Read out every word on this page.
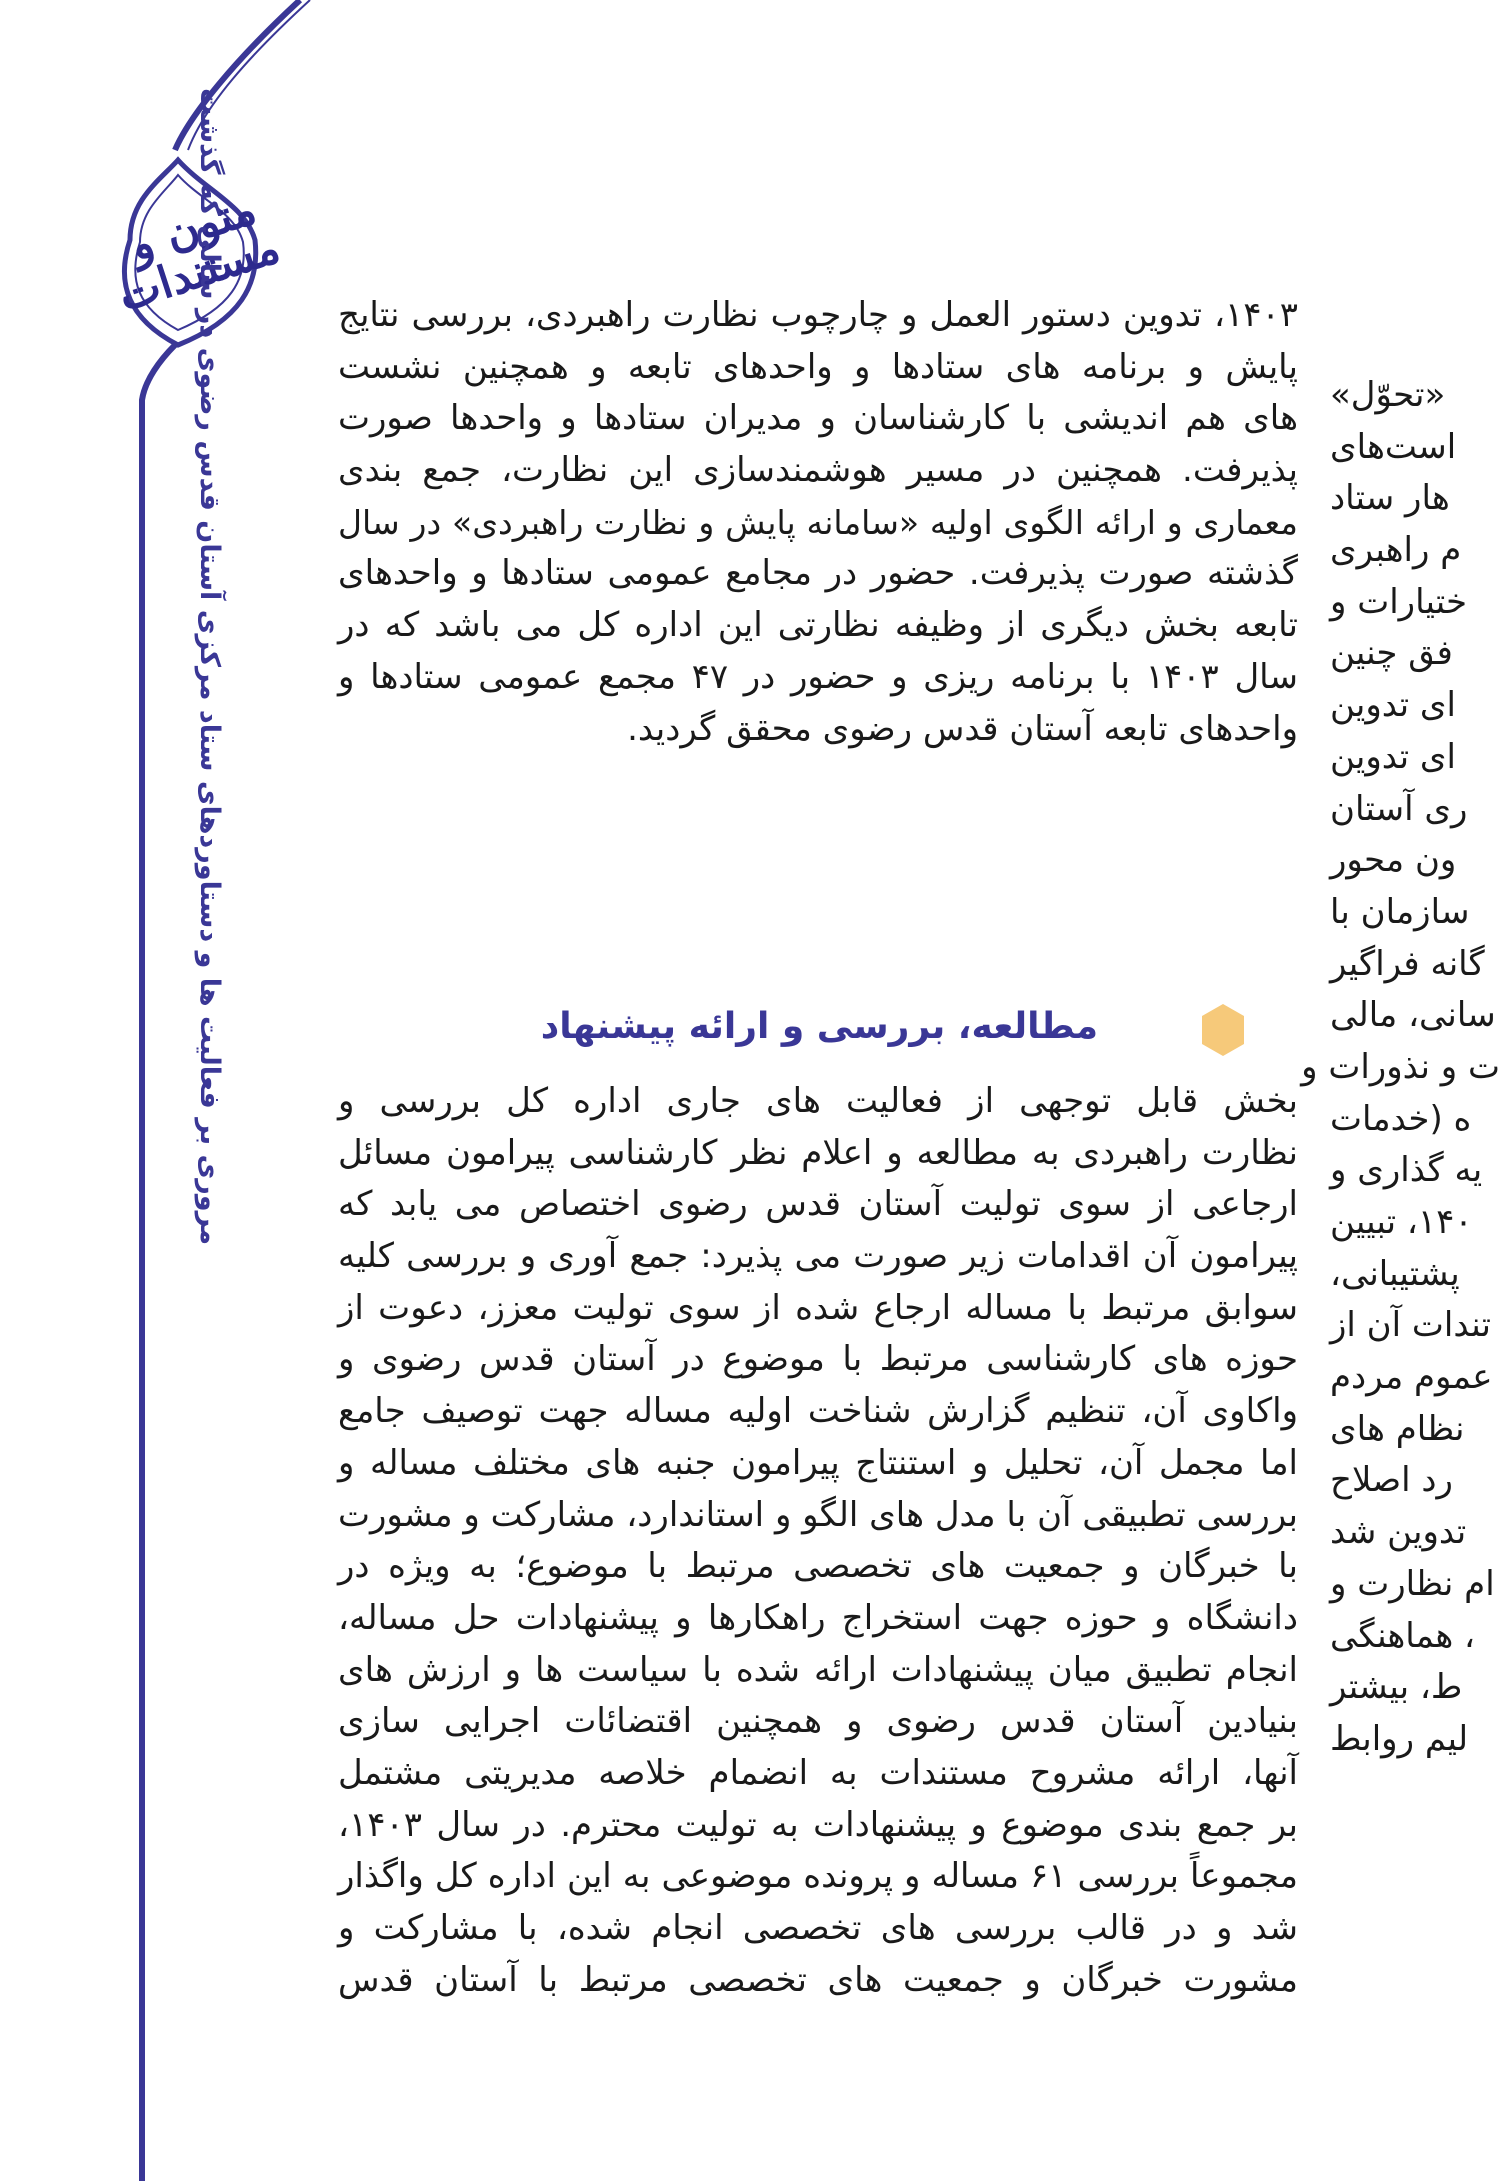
متون و مستندات
مروری بر فعالیت ها و دستاوردهای ستاد مرکزی آستان قدس رضوی در سالی که گذشت	۱۴۰۳، تدوین دستور العمل و چارچوب نظارت راهبردی، بررسی نتایج
پایش و برنامه های ستادها و واحدهای تابعه و همچنین نشست
های هم اندیشی با کارشناسان و مدیران ستادها و واحدها صورت
پذیرفت. همچنین در مسیر هوشمندسازی این نظارت، جمع بندی
معماری و ارائه الگوی اولیه «سامانه پایش و نظارت راهبردی» در سال
گذشته صورت پذیرفت. حضور در مجامع عمومی ستادها و واحدهای
تابعه بخش دیگری از وظیفه نظارتی این اداره کل می باشد که در
سال ۱۴۰۳ با برنامه ریزی و حضور در ۴۷ مجمع عمومی ستادها و
واحدهای تابعه آستان قدس رضوی محقق گردید.
مطالعه، بررسی و ارائه پیشنهاد
بخش قابل توجهی از فعالیت های جاری اداره کل بررسی و
نظارت راهبردی به مطالعه و اعلام نظر کارشناسی پیرامون مسائل
ارجاعی از سوی تولیت آستان قدس رضوی اختصاص می یابد که
پیرامون آن اقدامات زیر صورت می پذیرد: جمع آوری و بررسی کلیه
سوابق مرتبط با مساله ارجاع شده از سوی تولیت معزز، دعوت از
حوزه های کارشناسی مرتبط با موضوع در آستان قدس رضوی و
واکاوی آن، تنظیم گزارش شناخت اولیه مساله جهت توصیف جامع
اما مجمل آن، تحلیل و استنتاج پیرامون جنبه های مختلف مساله و
بررسی تطبیقی آن با مدل های الگو و استاندارد، مشارکت و مشورت
با خبرگان و جمعیت های تخصصی مرتبط با موضوع؛ به ویژه در
دانشگاه و حوزه جهت استخراج راهکارها و پیشنهادات حل مساله،
انجام تطبیق میان پیشنهادات ارائه شده با سیاست ها و ارزش های
بنیادین آستان قدس رضوی و همچنین اقتضائات اجرایی سازی
آنها، ارائه مشروح مستندات به انضمام خلاصه مدیریتی مشتمل
بر جمع بندی موضوع و پیشنهادات به تولیت محترم. در سال ۱۴۰۳،
مجموعاً بررسی ۶۱ مساله و پرونده موضوعی به این اداره کل واگذار
شد و در قالب بررسی های تخصصی انجام شده، با مشارکت و
مشورت خبرگان و جمعیت های تخصصی مرتبط با آستان قدس
«تحوّل»
است‌های
هار ستاد
م راهبری
ختیارات و
فق چنین
ای تدوین
ای تدوین
ری آستان
ون محور
سازمان با
گانه فراگیر
سانی، مالی
ت و نذورات و
ه (خدمات
یه گذاری و
۱۴۰، تبیین
پشتیبانی،
تندات آن از
عموم مردم
نظام های
رد اصلاح
تدوین شد
ام نظارت و
، هماهنگی
ط، بیشتر
لیم روابط
